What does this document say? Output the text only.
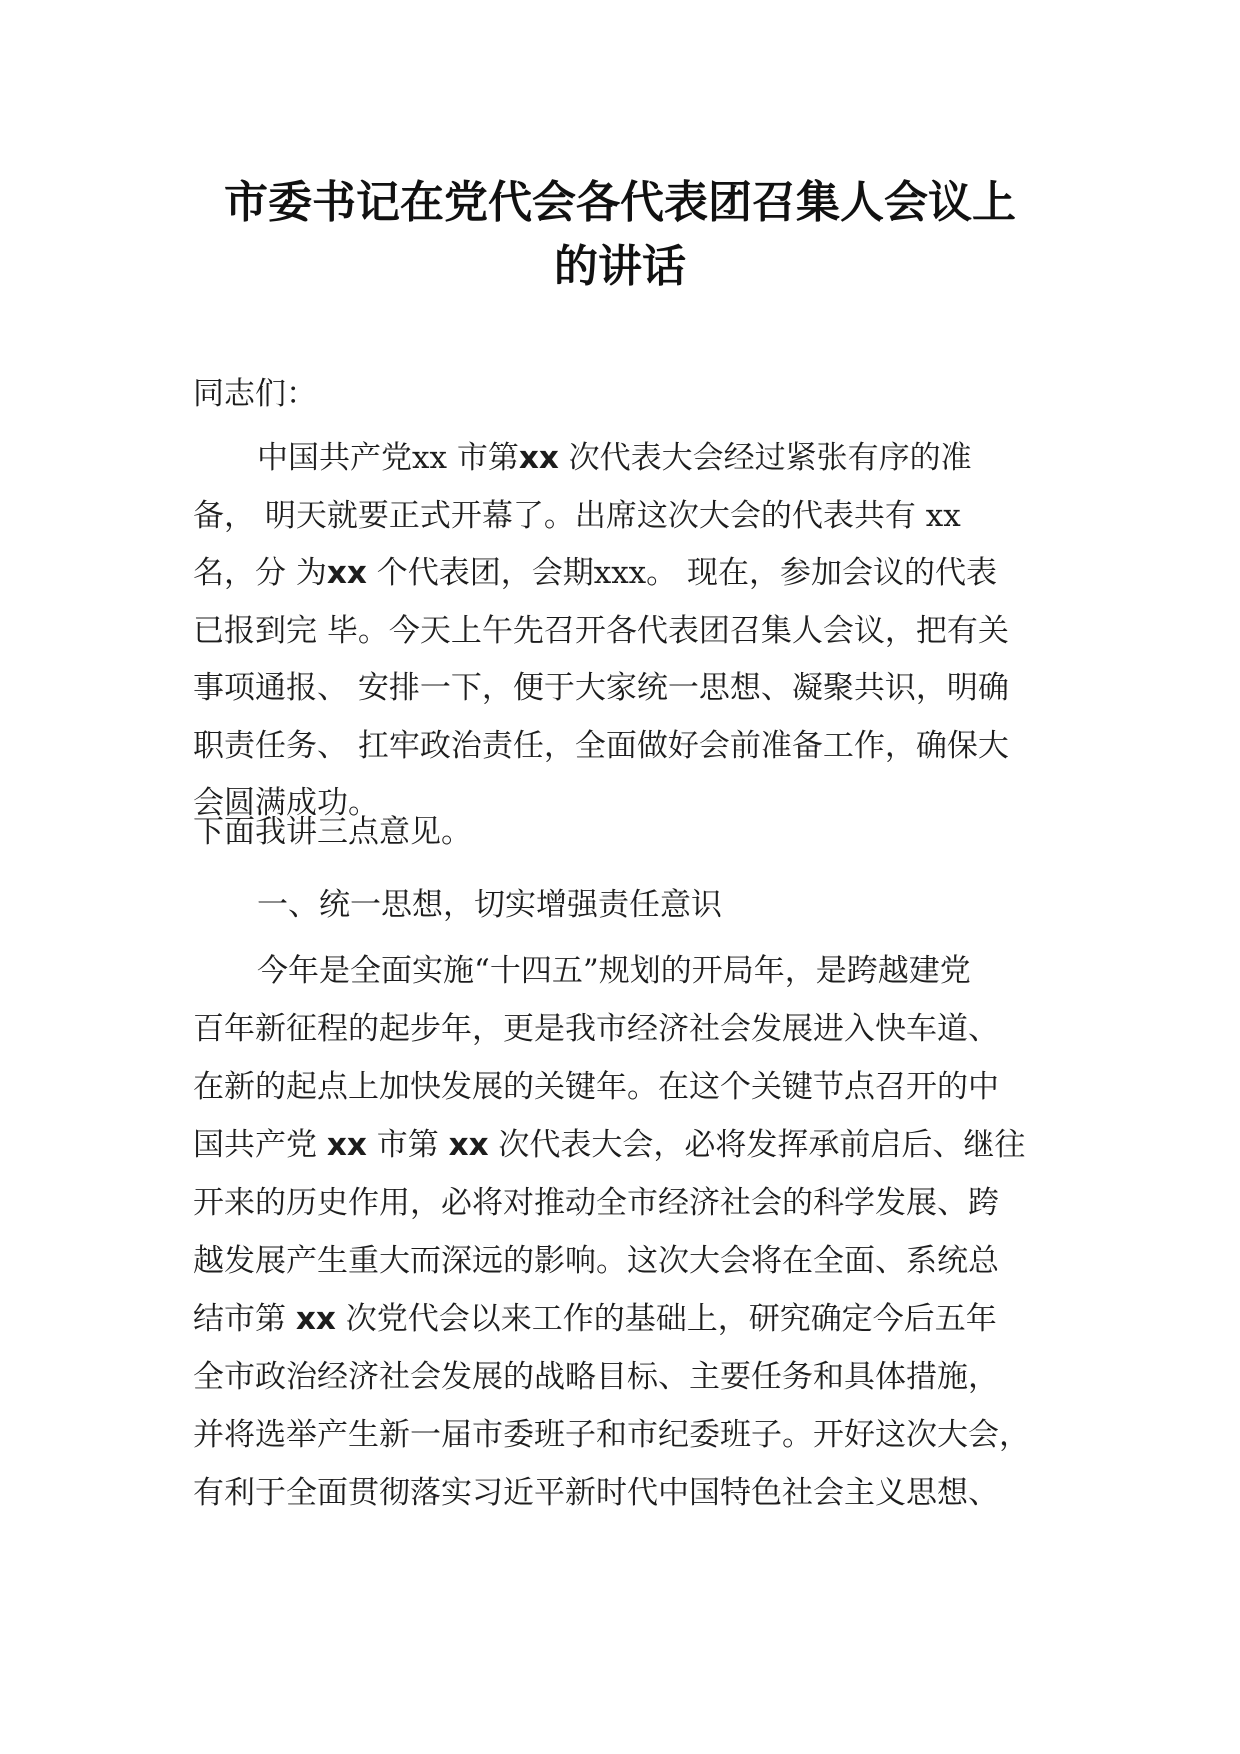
市委书记在党代会各代表团召集人会议上
的讲话
同志们：
中国共产党xx 市第xx 次代表大会经过紧张有序的准
备， 明天就要正式开幕了。出席这次大会的代表共有 xx
名，分 为xx 个代表团，会期xxx。 现在，参加会议的代表
已报到完 毕。今天上午先召开各代表团召集人会议，把有关
事项通报、 安排一下，便于大家统一思想、凝聚共识，明确
职责任务、 扛牢政治责任，全面做好会前准备工作，确保大
会圆满成功。
下面我讲三点意见。
一、统一思想，切实增强责任意识
今年是全面实施“十四五”规划的开局年，是跨越建党
百年新征程的起步年，更是我市经济社会发展进入快车道、
在新的起点上加快发展的关键年。在这个关键节点召开的中
国共产党 xx 市第 xx 次代表大会，必将发挥承前启后、继往
开来的历史作用，必将对推动全市经济社会的科学发展、跨
越发展产生重大而深远的影响。这次大会将在全面、系统总
结市第 xx 次党代会以来工作的基础上，研究确定今后五年
全市政治经济社会发展的战略目标、主要任务和具体措施，
并将选举产生新一届市委班子和市纪委班子。开好这次大会，
有利于全面贯彻落实习近平新时代中国特色社会主义思想、
